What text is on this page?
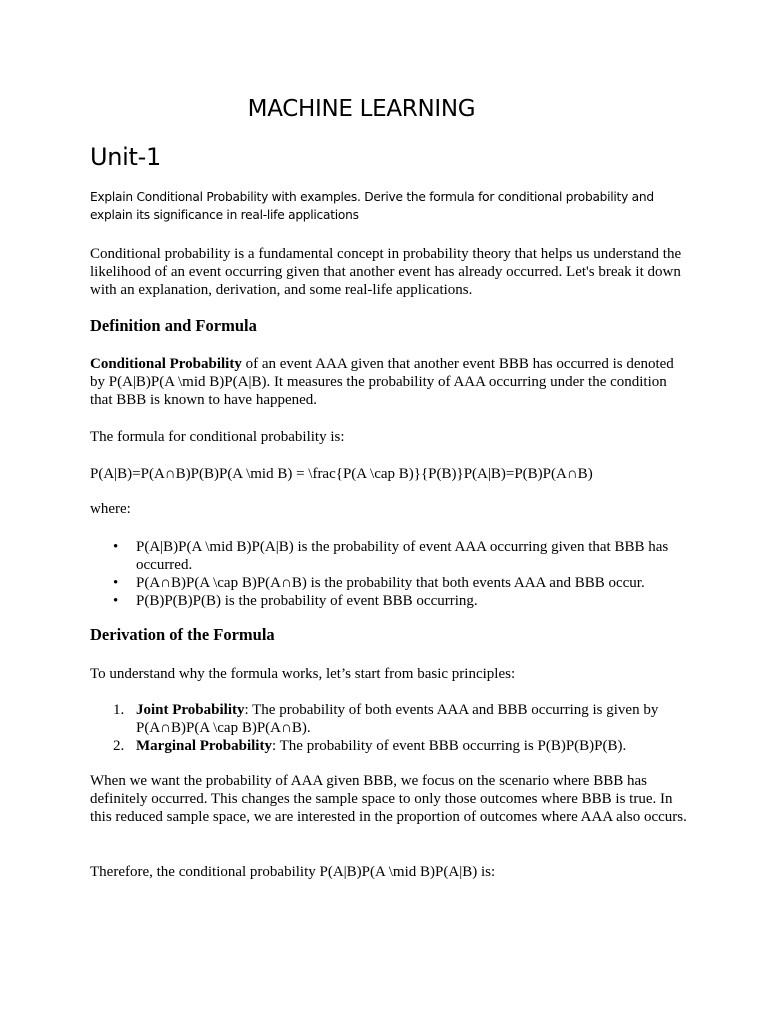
MACHINE LEARNING
Unit-1
Explain Conditional Probability with examples. Derive the formula for conditional probability and explain its significance in real-life applications

Conditional probability is a fundamental concept in probability theory that helps us understand the likelihood of an event occurring given that another event has already occurred. Let's break it down with an explanation, derivation, and some real-life applications.

Definition and Formula

Conditional Probability of an event AAA given that another event BBB has occurred is denoted by P(A|B)P(A \mid B)P(A|B). It measures the probability of AAA occurring under the condition that BBB is known to have happened.

The formula for conditional probability is:
P(A|B)=P(A∩B)P(B)P(A \mid B) = \frac{P(A \cap B)}{P(B)}P(A|B)=P(B)P(A∩B)
where:
• P(A|B)P(A \mid B)P(A|B) is the probability of event AAA occurring given that BBB has occurred.
• P(A∩B)P(A \cap B)P(A∩B) is the probability that both events AAA and BBB occur.
• P(B)P(B)P(B) is the probability of event BBB occurring.
Derivation of the Formula
To understand why the formula works, let’s start from basic principles:
1. Joint Probability: The probability of both events AAA and BBB occurring is given by P(A∩B)P(A \cap B)P(A∩B).
2. Marginal Probability: The probability of event BBB occurring is P(B)P(B)P(B).
When we want the probability of AAA given BBB, we focus on the scenario where BBB has definitely occurred. This changes the sample space to only those outcomes where BBB is true. In this reduced sample space, we are interested in the proportion of outcomes where AAA also occurs.
Therefore, the conditional probability P(A|B)P(A \mid B)P(A|B) is:
